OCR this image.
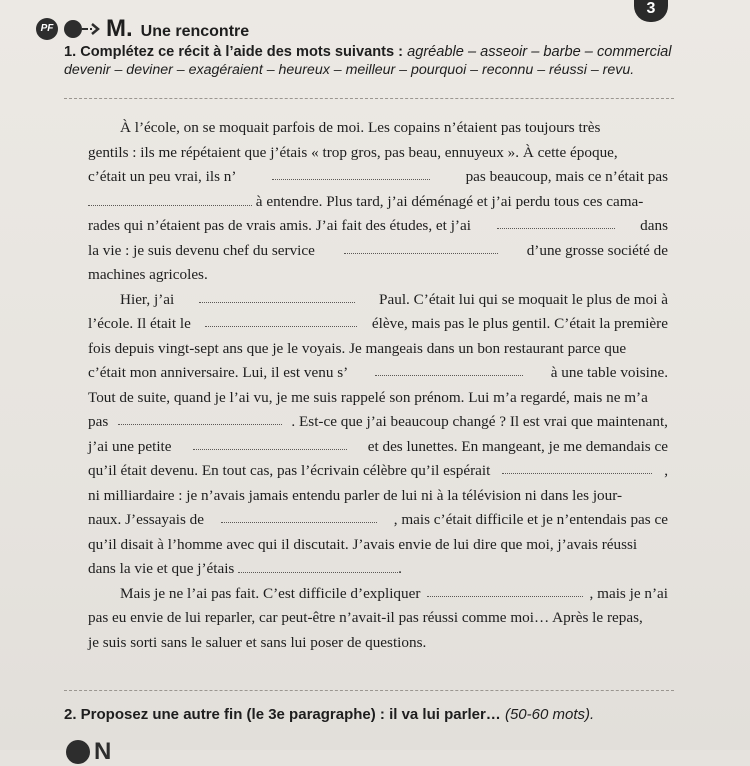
3
PF M. Une rencontre
1. Complétez ce récit à l’aide des mots suivants : agréable – asseoir – barbe – commercial
devenir – deviner – exagéraient – heureux – meilleur – pourquoi – reconnu – réussi – revu.
À l’école, on se moquait parfois de moi. Les copains n’étaient pas toujours très
gentils : ils me répétaient que j’étais « trop gros, pas beau, ennuyeux ». À cette époque,
c’était un peu vrai, ils n’	pas beaucoup, mais ce n’était pas
à entendre. Plus tard, j’ai déménagé et j’ai perdu tous ces cama-
rades qui n’étaient pas de vrais amis. J’ai fait des études, et j’ai	dans
la vie : je suis devenu chef du service	d’une grosse société de
machines agricoles.
Hier, j’ai	Paul. C’était lui qui se moquait le plus de moi à
l’école. Il était le	élève, mais pas le plus gentil. C’était la première
fois depuis vingt-sept ans que je le voyais. Je mangeais dans un bon restaurant parce que
c’était mon anniversaire. Lui, il est venu s’	à une table voisine.
Tout de suite, quand je l’ai vu, je me suis rappelé son prénom. Lui m’a regardé, mais ne m’a
pas	. Est-ce que j’ai beaucoup changé ? Il est vrai que maintenant,
j’ai une petite	et des lunettes. En mangeant, je me demandais ce
qu’il était devenu. En tout cas, pas l’écrivain célèbre qu’il espérait	,
ni milliardaire : je n’avais jamais entendu parler de lui ni à la télévision ni dans les jour-
naux. J’essayais de	, mais c’était difficile et je n’entendais pas ce
qu’il disait à l’homme avec qui il discutait. J’avais envie de lui dire que moi, j’avais réussi
dans la vie et que j’étais	.
Mais je ne l’ai pas fait. C’est difficile d’expliquer	, mais je n’ai
pas eu envie de lui reparler, car peut-être n’avait-il pas réussi comme moi… Après le repas,
je suis sorti sans le saluer et sans lui poser de questions.
2. Proposez une autre fin (le 3e paragraphe) : il va lui parler… (50-60 mots).
N
